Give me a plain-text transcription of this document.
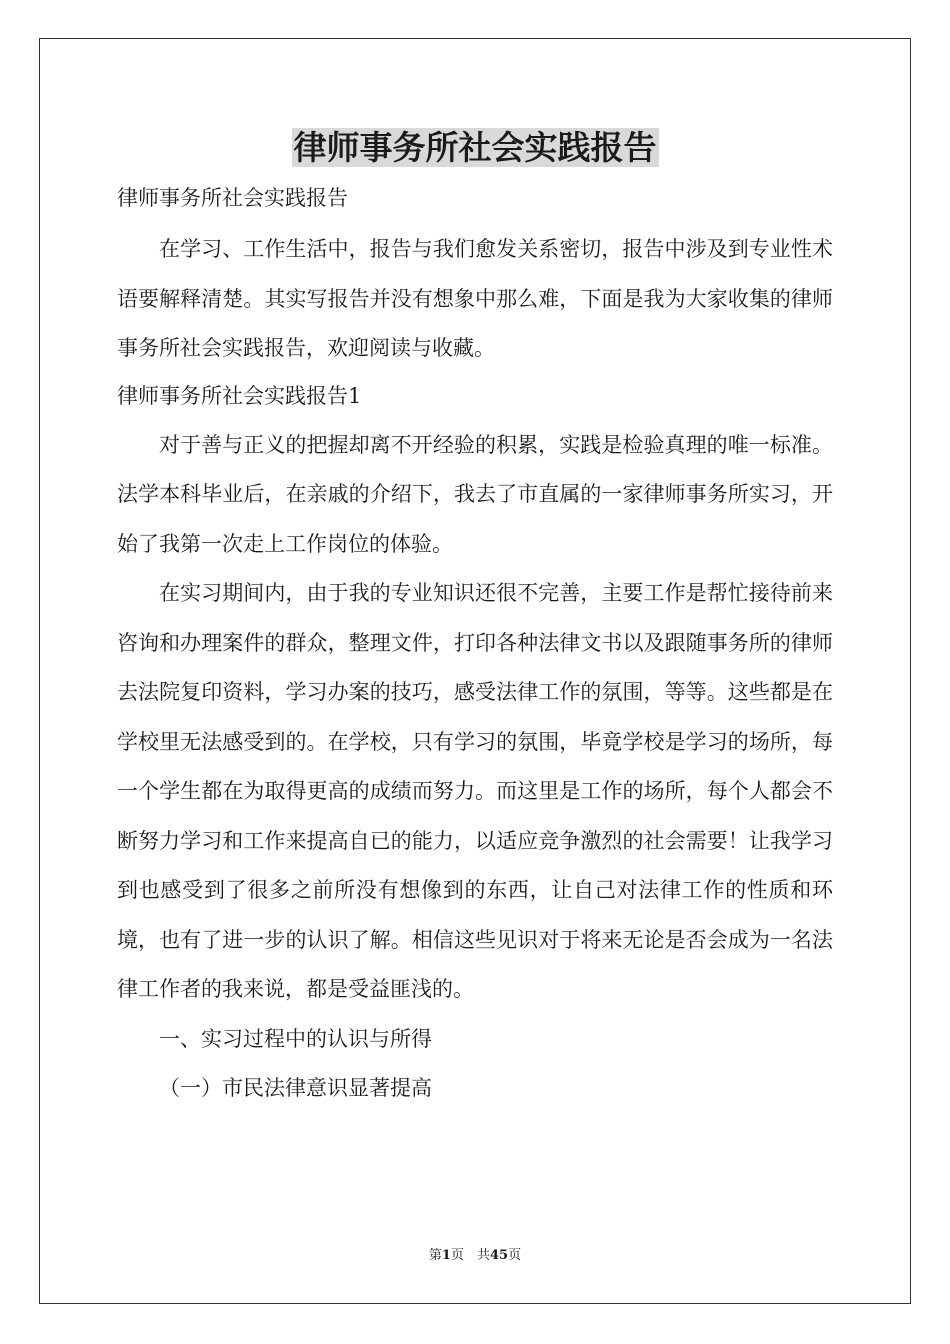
律师事务所社会实践报告
律师事务所社会实践报告

在学习、工作生活中，报告与我们愈发关系密切，报告中涉及到专业性术语要解释清楚。其实写报告并没有想象中那么难，下面是我为大家收集的律师事务所社会实践报告，欢迎阅读与收藏。

律师事务所社会实践报告1

对于善与正义的把握却离不开经验的积累，实践是检验真理的唯一标准。法学本科毕业后，在亲戚的介绍下，我去了市直属的一家律师事务所实习，开始了我第一次走上工作岗位的体验。

在实习期间内，由于我的专业知识还很不完善，主要工作是帮忙接待前来咨询和办理案件的群众，整理文件，打印各种法律文书以及跟随事务所的律师去法院复印资料，学习办案的技巧，感受法律工作的氛围，等等。这些都是在学校里无法感受到的。在学校，只有学习的氛围，毕竟学校是学习的场所，每一个学生都在为取得更高的成绩而努力。而这里是工作的场所，每个人都会不断努力学习和工作来提高自已的能力，以适应竞争激烈的社会需要！让我学习到也感受到了很多之前所没有想像到的东西，让自己对法律工作的性质和环境，也有了进一步的认识了解。相信这些见识对于将来无论是否会成为一名法律工作者的我来说，都是受益匪浅的。

一、实习过程中的认识与所得

（一）市民法律意识显著提高

第1页　共45页
